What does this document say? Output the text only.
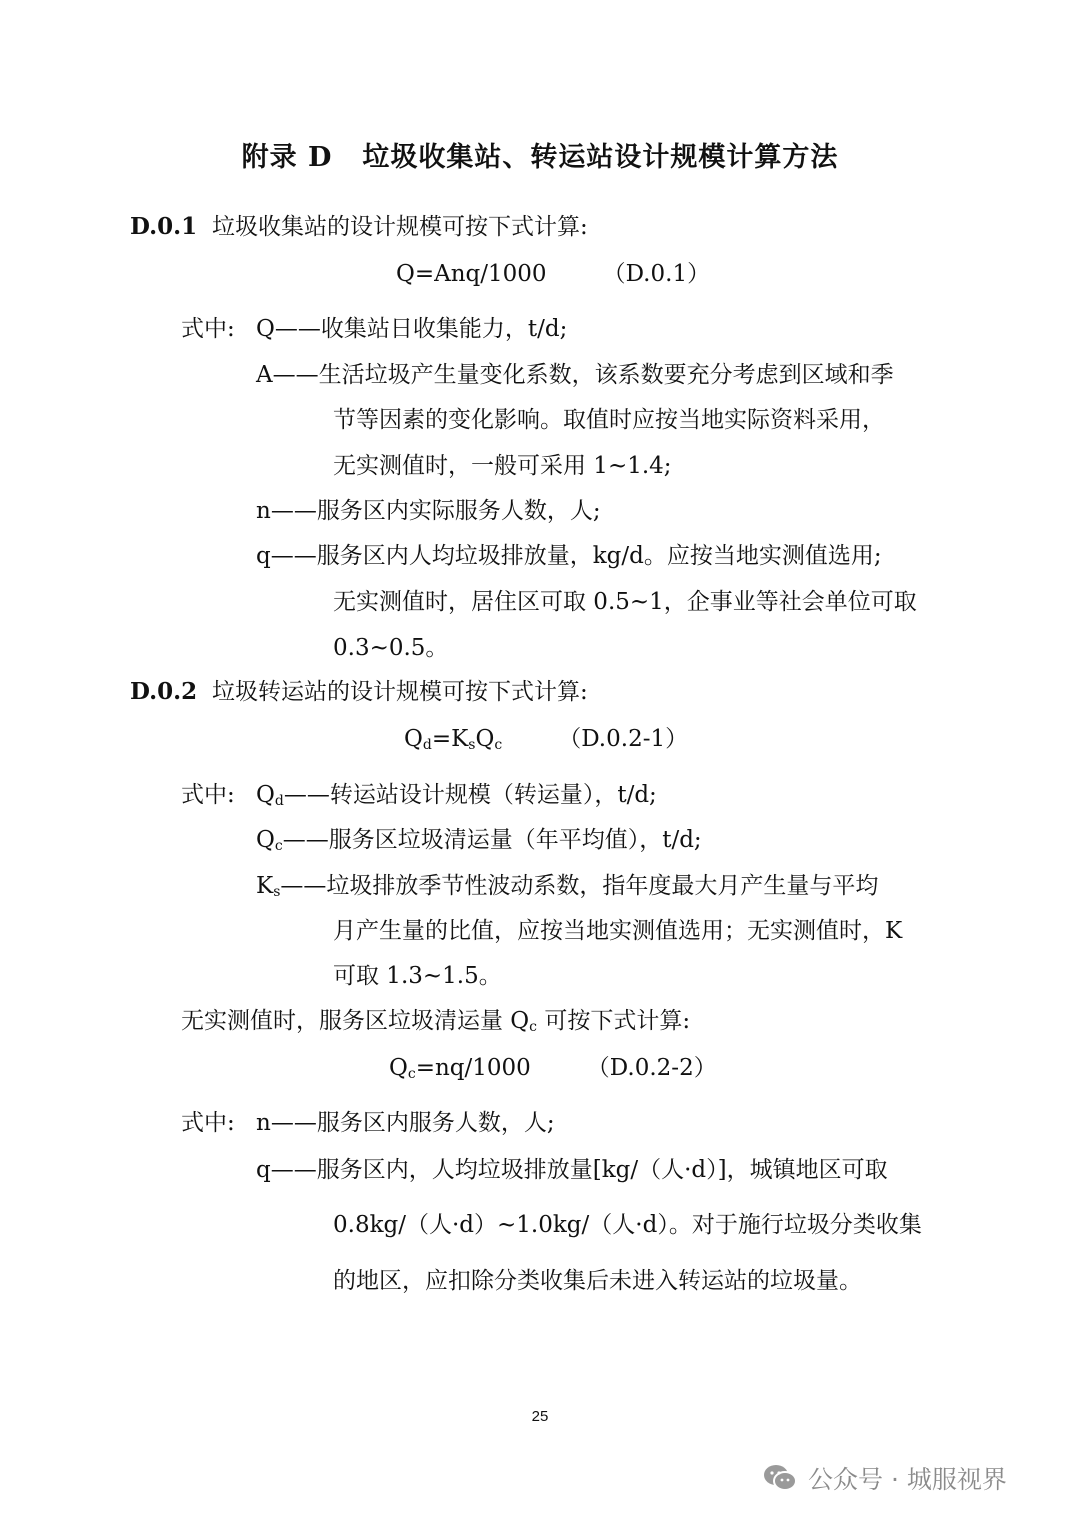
附录 D 垃圾收集站、转运站设计规模计算方法
D.0.1 垃圾收集站的设计规模可按下式计算:
Q=Anq/1000 （D.0.1）
式中: Q——收集站日收集能力，t/d;
A——生活垃圾产生量变化系数，该系数要充分考虑到区域和季
节等因素的变化影响。取值时应按当地实际资料采用，
无实测值时，一般可采用 1~1.4;
n——服务区内实际服务人数，人;
q——服务区内人均垃圾排放量，kg/d。应按当地实测值选用;
无实测值时，居住区可取 0.5~1，企事业等社会单位可取
0.3~0.5。
D.0.2 垃圾转运站的设计规模可按下式计算:
$Q_d=K_sQ_c$ （D.0.2-1）
式中: $Q_d——$转运站设计规模（转运量），t/d;
$Q_c——$服务区垃圾清运量（年平均值），t/d;
$K_s——$垃圾排放季节性波动系数，指年度最大月产生量与平均
月产生量的比值，应按当地实测值选用；无实测值时，K
可取 1.3~1.5。
无实测值时，服务区垃圾清运量 $Q_c$ 可按下式计算:
$Q_c=nq/1000$ （D.0.2-2）
式中: n——服务区内服务人数，人;
q——服务区内，人均垃圾排放量[kg/（人·d）]，城镇地区可取
0.8kg/（人·d）~1.0kg/（人·d）。对于施行垃圾分类收集
的地区，应扣除分类收集后未进入转运站的垃圾量。
25
公众号 · 城服视界
